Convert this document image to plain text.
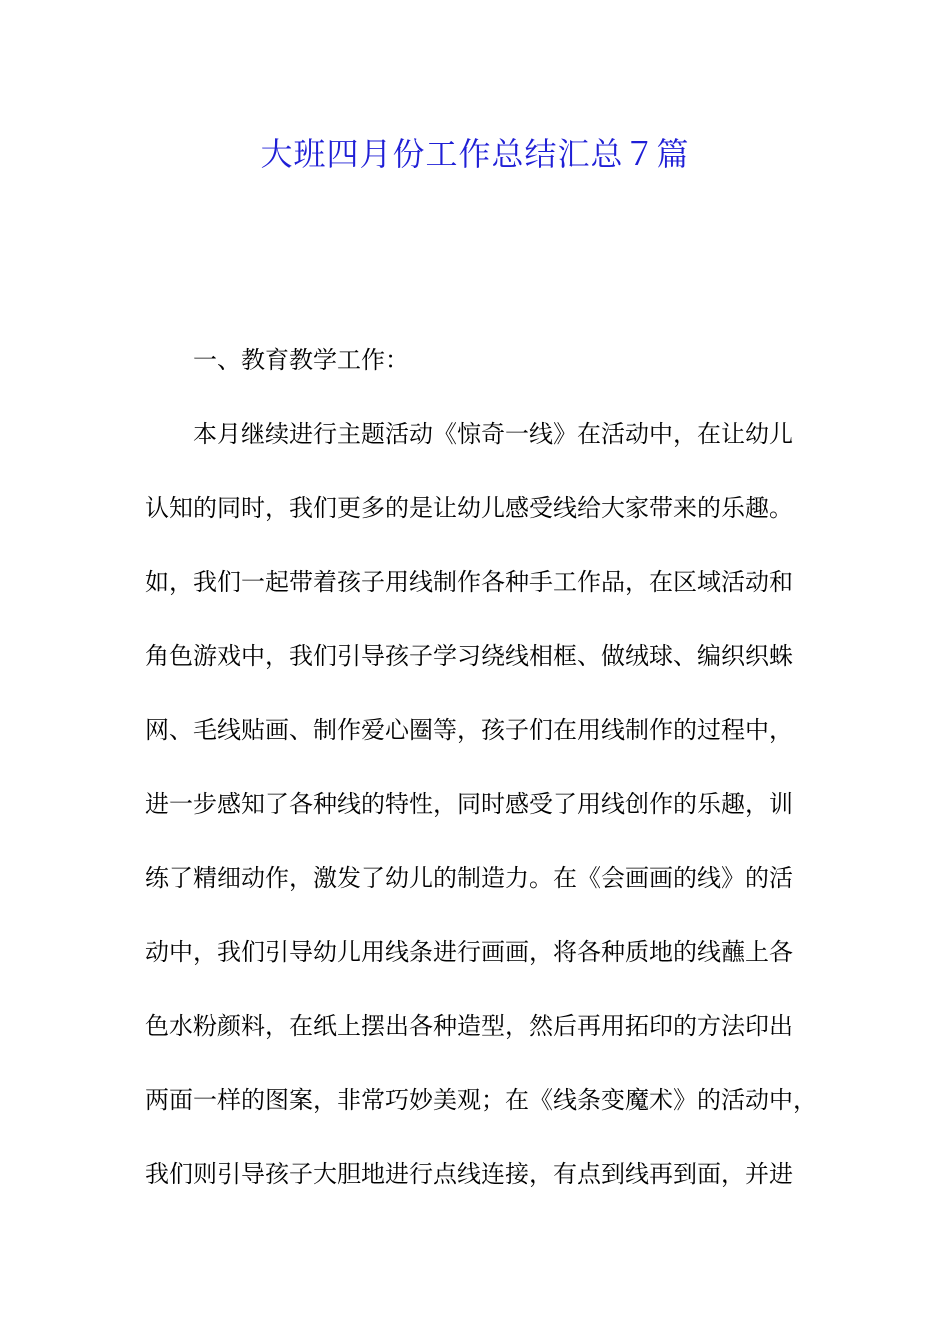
大班四月份工作总结汇总７篇
一、教育教学工作：
本月继续进行主题活动《惊奇一线》在活动中，在让幼儿
认知的同时，我们更多的是让幼儿感受线给大家带来的乐趣。
如，我们一起带着孩子用线制作各种手工作品，在区域活动和
角色游戏中，我们引导孩子学习绕线相框、做绒球、编织织蛛
网、毛线贴画、制作爱心圈等，孩子们在用线制作的过程中，
进一步感知了各种线的特性，同时感受了用线创作的乐趣，训
练了精细动作，激发了幼儿的制造力。在《会画画的线》的活
动中，我们引导幼儿用线条进行画画，将各种质地的线蘸上各
色水粉颜料，在纸上摆出各种造型，然后再用拓印的方法印出
两面一样的图案，非常巧妙美观；在《线条变魔术》的活动中，
我们则引导孩子大胆地进行点线连接，有点到线再到面，并进
